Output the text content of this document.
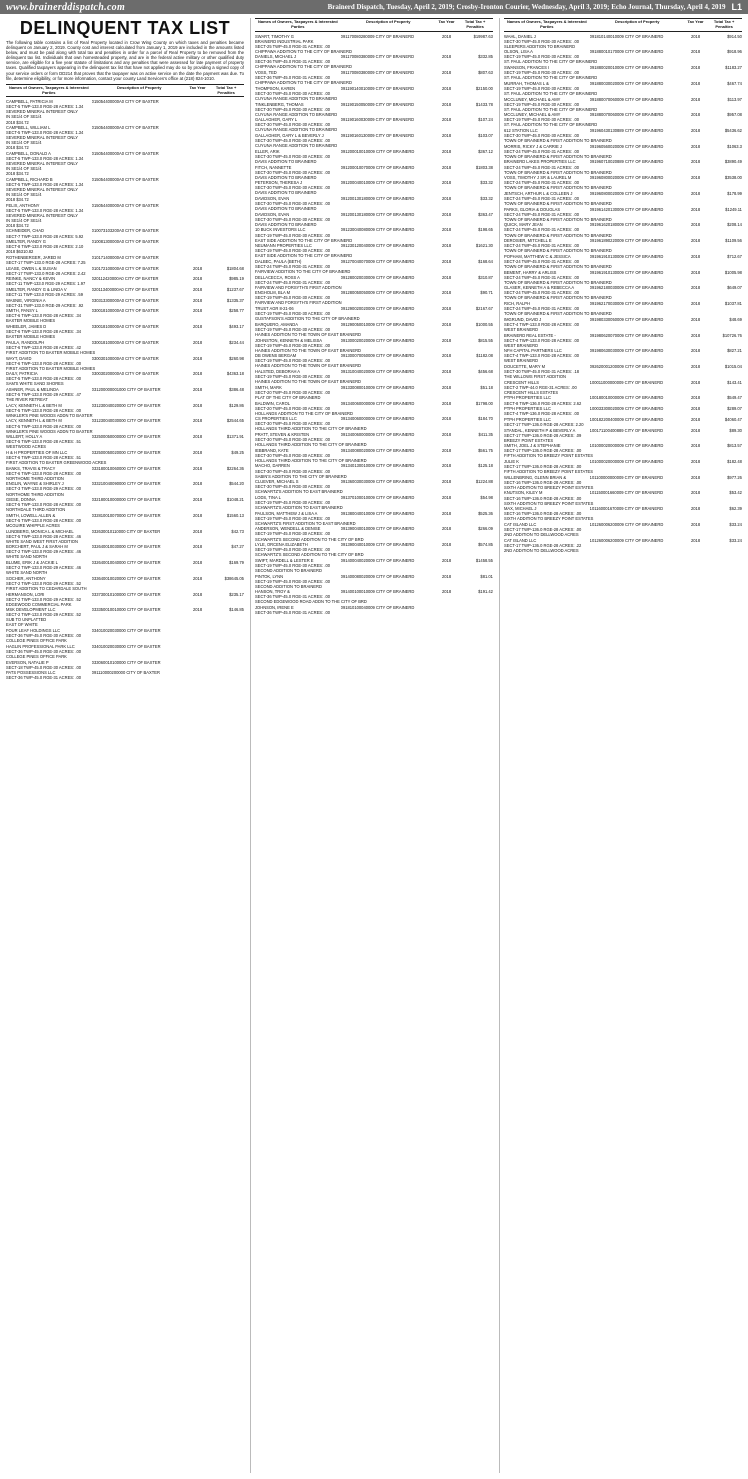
www.brainerddispatch.com	Brainerd Dispatch, Tuesday, April 2, 2019; Crosby-Ironton Courier, Wednesday, April 3, 2019; Echo Journal, Thursday, April 4, 2019 L1
DELINQUENT TAX LIST
The following table contains a list of Real Property located in Crow Wing County on which taxes and penalties became delinquent on January 2, 2019. County cost and interest calculated from January 1, 2019 are included in the amounts listed below, and must be paid along with total tax and penalties in order for a parcel of Real Property to be removed from the delinquent tax list. Individuals that own homesteaded property, and are in the federal active military or other qualified duty service, are eligible for a five year statute of limitations and any penalties that were assessed for late payment of property taxes. Qualified taxpayers appearing in the delinquent tax list that have not applied may do so by providing a signed copy of your service orders or form DD214 that proves that the taxpayer was on active service on the date the payment was due. To file, determine eligibility, or for more information, contact your county Land Services's office at (218) 824-1010.
Names of Owners, Taxpayers & Interested Parties
Description of Property	Tax Year	Total Tax + Penalties
CAMPBELL, PATRICIA M	015054400000A0 CITY OF BAXTER
SECT-5 TWP-133.0 RGE-28 ACRES: 1.34
SEVERED MINERAL INTEREST ONLY
IN SE1/4 OF SE1/4
2018 $34.72
CAMPBELL, WILLIAM L	015054400000A0 CITY OF BAXTER
SECT-5 TWP-133.0 RGE-28 ACRES: 1.34
SEVERED MINERAL INTEREST ONLY
IN SE1/4 OF SE1/4
2018 $34.72
CAMPBELL, DONALD A	015054400000A0 CITY OF BAXTER
SECT-5 TWP-133.0 RGE-28 ACRES: 1.34
SEVERED MINERAL INTEREST ONLY
IN SE1/4 OF SE1/4
2018 $34.72
CAMPBELL, RICHARD B	015054400000A0 CITY OF BAXTER
SECT-5 TWP-133.0 RGE-28 ACRES: 1.34
SEVERED MINERAL INTEREST ONLY
IN SE1/4 OF SE1/4
2018 $34.72
FELIX, ANTHONY	015054400000A0 CITY OF BAXTER
SECT-5 TWP-133.0 RGE-28 ACRES: 1.34
SEVERED MINERAL INTEREST ONLY
IN SE1/4 OF SE1/4
2018 $34.72
SCHNEIDER, CHAD	010073103200A0 CITY OF BAXTER
SECT-7 TWP-133.0 RGE-28 ACRES: 5.92
SMELTER, RANDY G	010081300000A0 CITY OF BAXTER
SECT-8 TWP-133.0 RGE-28 ACRES: 2.10
2018 $6310.82
ROTHENBERGER, JARED M	010171400000A0 CITY OF BAXTER
SECT-17 TWP-133.0 RGE-28 ACRES: 7.25
LEASE, OWEN L & SUSAN	010172100000A0 CITY OF BAXTER	2018	$1804.68
SECT-17 TWP-133.0 RGE-28 ACRES: 2.42
REINKE, NANCY & KEVIN	020112420000A0 CITY OF BAXTER	2018	$985.19
SECT-11 TWP-133.0 RGE-29 ACRES: 1.97
SMELTER, RANDY G & LINDA V	020113400000A0 CITY OF BAXTER	2018	$1237.67
SECT-11 TWP-133.0 RGE-29 ACRES: .59
WASNIE, VIRGINIA A	030313300000A0 CITY OF BAXTER	2018	$1335.37
SECT-31 TWP-133.0 RGE-29 ACRES: .92
SMITH, PANSY L	030018100000A0 CITY OF BAXTER	2018	$258.77
SECT-6 TWP-133.0 RGE-28 ACRES: .34
BAXTER MOBILE HOMES
WHEELER, JAMES D	030018100000A0 CITY OF BAXTER	2018	$493.17
SECT-6 TWP-133.0 RGE-28 ACRES: .34
BAXTER MOBILE HOMES
PAULA, RANDOLPH	030018100000A0 CITY OF BAXTER	2018	$234.44
SECT-6 TWP-133.0 RGE-28 ACRES: .42
FIRST ADDITION TO BAXTER MOBILE HOMES
WAYT, DAVID	030030100000A0 CITY OF BAXTER	2018	$260.98
SECT-6 TWP-133.0 RGE-28 ACRES: .00
FIRST ADDITION TO BAXTER MOBILE HOMES
DAILY, PATRICIA	030030200000A0 CITY OF BAXTER	2018	$4363.18
SECT-5 TWP-133.0 RGE-28 ACRES: .00
SAM'S WHITE SAND SHORES
ASHNER, PAUL & MELINDA	031200000001000 CITY OF BAXTER	2018	$386.48
SECT-5 TWP-133.0 RGE-29 ACRES: .47
THE RIVER RETREAT
LACY, KENNETH L & BETH M	031230040020000 CITY OF BAXTER	2018	$129.86
SECT-5 TWP-133.0 RGE-28 ACRES: .00
WINKLER'S PINE WOODS ADDN TO BAXTER
LACY, KENNETH L & BETH M	031230040030000 CITY OF BAXTER	2018	$2544.65
SECT-5 TWP-133.0 RGE-28 ACRES: .00
WINKLER'S PINE WOODS ADDN TO BAXTER
WILLERT, HOLLY A	032500050000000 CITY OF BAXTER	2018	$1371.91
SECT-5 TWP-133.0 RGE-28 ACRES: .51
WESTWOOD ACRES
H & H PROPERTIES OF MN LLC	032500050020000 CITY OF BAXTER	2018	$49.25
SECT-6 TWP-133.0 RGE-28 ACRES: .51
FIRST ADDITION TO BAXTER GREENWOOD ACRES
BANKS, TRAVIS & TRACY	033180010060000 CITY OF BAXTER	2018	$2264.36
SECT-6 TWP-133.0 RGE-28 ACRES: .00
NORTHOME THIRD ADDITION
ENGLIN, WAYNE & SHIRLEY J	033210040090000 CITY OF BAXTER	2018	$544.20
SECT-3 TWP-133.0 RGE-29 ACRES: .00
NORTHOME THIRD ADDITION
GIESE, DONNA	032180010000000 CITY OF BAXTER	2018	$1048.21
SECT-5 TWP-133.0 RGE-28 ACRES: .00
NORTHDALE THIRD ADDITION
SMITH, LOWELL ALLEN &	032810010070000 CITY OF BAXTER	2018	$1560.13
SECT-5 TWP-133.0 RGE-28 ACRES: .00
MCGUIRE WHIPPLE ACRES
LUNDBERG, MONICA L & MICHAEL	032630010110000 CITY OF BAXTER	2018	$42.73
SECT-5 TWP-133.0 RGE-28 ACRES: .46
WHITE SAND WEST FIRST ADDITION
BORCHERT, PAUL J & SARAH M	032640010030000 CITY OF BAXTER	2018	$47.27
SECT-2 TWP-133.0 RGE-29 ACRES: .46
WHITE SAND NORTH
BLUME, ERIK J & JACKIE L	032640010040000 CITY OF BAXTER	2018	$169.79
SECT-2 TWP-133.0 RGE-29 ACRES: .46
WHITE SAND NORTH
SOCHER, ANTHONY	033640010020000 CITY OF BAXTER	2018	$38645.05
SECT-2 TWP-133.0 RGE-29 ACRES: .52
FIRST ADDITION TO CEDARDALE SOUTH
HERMANSON, LORI	033730010100000 CITY OF BAXTER	2018	$235.17
SECT-2 TWP-133.0 RGE-29 ACRES: .52
EDGEWOOD COMMERCIAL PARK
MSK DEVELOPMENT LLC	033350010010000 CITY OF BAXTER	2018	$146.85
SECT-2 TWP-133.0 RGE-29 ACRES: .52
SUB TO UNPLATTED
EAST OF WHITE
FOUR LEAF HOLDINGS LLC	034010020030000 CITY OF BAXTER
SECT-36 TWP-45.0 RGE-30 ACRES: .00
COLLEGE PINES OFFICE PARK
HAGLIN PROFESSIONAL PARK LLC	034010020030000 CITY OF BAXTER
SECT-36 TWP-45.0 RGE-30 ACRES: .00
COLLEGE PINES OFFICE PARK
EVERSON, NATALIE P	033060010100000 CITY OF BAXTER
SECT-18 TWP-45.0 RGE-30 ACRES: .00
PATS POSSESSIONS LLC	091110000200000 CITY OF BAXTER
SECT-36 TWP-45.0 RGE-31 ACRES: .00
Names of Owners, Taxpayers & Interested Parties
Description of Property	Tax Year	Total Tax + Penalties
SWART, TIMOTHY G	091170080280009 CITY OF BRAINERD	2018	$19987.63
BRAINERD INDUSTRIAL PARK
SECT-25 TWP-45.0 RGE-31 ACRES: .00
CHIPPAWA ADDITION TO THE CITY OF BRAINERD
DANIELS, MICHAEL J	091170080380009 CITY OF BRAINERD	2018	$332.85
SECT-36 TWP-45.0 RGE-31 ACRES: .00
CHIPPAWA ADDITION TO THE CITY OF BRAINERD
VOSS, TED	091170080380009 CITY OF BRAINERD	2018	$807.63
SECT-36 TWP-45.0 RGE-31 ACRES: .00
CHIPPAWA ADDITION TO THE CITY OF BRAINERD
THOMPSON, KAREN	091190140010009 CITY OF BRAINERD	2018	$2150.00
SECT-30 TWP-45.0 RGE-30 ACRES: .00
CUYUNA RANGE ADDITION TO BRAINERD
TINKLENBERG, THOMAS	091190150050009 CITY OF BRAINERD	2018	$1433.78
SECT-30 TWP-45.0 RGE-30 ACRES: .00
CUYUNA RANGE ADDITION TO BRAINERD
GALLAGHER, GARY L	091190160030009 CITY OF BRAINERD	2018	$107.24
SECT-30 TWP-45.0 RGE-30 ACRES: .00
CUYUNA RANGE ADDITION TO BRAINERD
GALLAGHER, GARY L & BEVERLY J	091190160130009 CITY OF BRAINERD	2018	$103.07
SECT-30 TWP-45.0 RGE-30 ACRES: .00
CUYUNA RANGE ADDITION TO BRAINERD
ELLER, ARIK	091200010010009 CITY OF BRAINERD	2018	$367.12
SECT-30 TWP-45.0 RGE-30 ACRES: .00
DAVIS ADDITION TO BRAINERD
FITCH, NANNETTE	091200010070009 CITY OF BRAINERD	2018	$1803.38
SECT-30 TWP-45.0 RGE-30 ACRES: .00
DAVIS ADDITION TO BRAINERD
PETERSON, THERESA J	091200040010009 CITY OF BRAINERD	2018	$33.32
SECT-30 TWP-45.0 RGE-30 ACRES: .00
DAVIS ADDITION TO BRAINERD
DAVIDSON, EVAN	091200130180009 CITY OF BRAINERD	2018	$33.32
SECT-30 TWP-45.0 RGE-30 ACRES: .00
DAVIS ADDITION TO BRAINERD
DAVIDSON, EVAN	091200130180009 CITY OF BRAINERD	2018	$363.47
SECT-30 TWP-45.0 RGE-30 ACRES: .00
DAVIS ADDITION TO BRAINERD
10 BUCK INVESTORS LLC	091230040080009 CITY OF BRAINERD	2018	$198.65
SECT-19 TWP-45.0 RGE-30 ACRES: .00
EAST SIDE ADDITION TO THE CITY OF BRAINERD
NEUMANN PROPERTIES LLC	091230120040009 CITY OF BRAINERD	2018	$1621.30
SECT-19 TWP-45.0 RGE-30 ACRES: .00
EAST SIDE ADDITION TO THE CITY OF BRAINERD
DALBEC, PAULA (BETH)	091270040070009 CITY OF BRAINERD	2018	$168.64
SECT-24 TWP-45.0 RGE-31 ACRES: .00
FAIRVIEW ADDITION TO THE CITY OF BRAINERD
DELLACECCA, ROSS A	091280020030009 CITY OF BRAINERD	2018	$310.87
SECT-24 TWP-45.0 RGE-31 ACRES: .00
FAIRVIEW AND FORSYTH'S FIRST ADDITION
ENGHOLM, BLA M	091280050050009 CITY OF BRAINERD	2018	$90.71
SECT-19 TWP-45.0 RGE-30 ACRES: .00
FAIRVIEW AND FORSYTH'S FIRST ADDITION
TRUST AGR 8-21-06	091290020020009 CITY OF BRAINERD	2018	$2167.67
SECT-19 TWP-45.0 RGE-30 ACRES: .00
GUSTAFSON'S ADDITION TO THE CITY OF BRAINERD
BARQUERO, AMANDA	091290050010009 CITY OF BRAINERD	2018	$1000.55
SECT-19 TWP-45.0 RGE-30 ACRES: .00
HAINES ADDITION TO THE TOWN OF EAST BRAINERD
JOHNSTON, KENNETH & MELISSA	091300020020009 CITY OF BRAINERD	2018	$815.55
SECT-19 TWP-45.0 RGE-30 ACRES: .00
HAINES ADDITION TO THE TOWN OF EAST BRAINERD
DB OWENS BERGAM	091300070050009 CITY OF BRAINERD	2018	$1182.08
SECT-19 TWP-45.0 RGE-30 ACRES: .00
HAINES ADDITION TO THE TOWN OF EAST BRAINERD
HALSTED, DEBORAH A	091310040020009 CITY OF BRAINERD	2018	$456.68
SECT-19 TWP-45.0 RGE-30 ACRES: .00
HAINES ADDITION TO THE TOWN OF EAST BRAINERD
SMITH, MARK	091330080010009 CITY OF BRAINERD	2018	$51.18
SECT-20 TWP-45.0 RGE-30 ACRES: .00
PLAT OF THE CITY OF BRAINERD
BALDWIN, CAROL	091340060000009 CITY OF BRAINERD	2018	$1798.00
SECT-20 TWP-45.0 RGE-30 ACRES: .00
HOLLANDS ADDITION TO THE CITY OF BRAINERD
CS PROPERTIES LLC	091340060000009 CITY OF BRAINERD	2018	$184.70
SECT-30 TWP-45.0 RGE-30 ACRES: .00
HOLLANDS THIRD ADDITION TO THE CITY OF BRAINERD
PRATT, STEVEN & KRISTEN	091340060000009 CITY OF BRAINERD	2018	$411.35
SECT-30 TWP-45.0 RGE-30 ACRES: .00
HOLLANDS THIRD ADDITION TO THE CITY OF BRAINERD
IEBBRAND, KATE	091340080020009 CITY OF BRAINERD	2018	$561.75
SECT-30 TWP-45.0 RGE-30 ACRES: .00
HOLLANDS THIRD ADDITION TO THE CITY OF BRAINERD
MACHO, DARREN	091340130010009 CITY OF BRAINERD	2018	$125.18
SECT-30 TWP-45.0 RGE-30 ACRES: .00
SABIN'S ADDITION TO THE CITY OF BRAINERD
CLUEVER, MICHAEL S	091360030030009 CITY OF BRAINERD	2018	$1224.88
SECT-30 TWP-45.0 RGE-30 ACRES: .00
SCHWARTZ'S ADDITION TO EAST BRAINERD
LODS, TINA L	091370100010009 CITY OF BRAINERD	2018	$54.98
SECT-19 TWP-45.0 RGE-30 ACRES: .00
SCHWARTZ'S ADDITION TO EAST BRAINERD
PAULSON, MATTHEW J & LISA A	091380040010009 CITY OF BRAINERD	2018	$525.36
SECT-19 TWP-45.0 RGE-30 ACRES: .00
SCHWARTZ'S FIRST ADDITION TO EAST BRAINERD
ANDERSON, WENDELL & DENISE	091390040010009 CITY OF BRAINERD	2018	$266.09
SECT-19 TWP-45.0 RGE-30 ACRES: .00
SCHWARTZ'S SECOND ADDITION TO THE CITY OF BRD
LYLE, ORCENA ELIZABETH	091390040010009 CITY OF BRAINERD	2018	$574.85
SECT-19 TWP-45.0 RGE-30 ACRES: .00
SCHWARTZ'S SECOND ADDITION TO THE CITY OF BRD
SWIFT, MARDELL & LESTER E	091400040020009 CITY OF BRAINERD	2018	$1458.55
SECT-19 TWP-45.0 RGE-30 ACRES: .00
SECOND ADDITION TO BRAINERD
PINTOK, LYNN	091400080020009 CITY OF BRAINERD	2018	$81.01
SECT-19 TWP-45.0 RGE-30 ACRES: .00
SECOND ADDITION TO BRAINERD
HANSON, TROY &	091400100010009 CITY OF BRAINERD	2018	$191.42
SECT-36 TWP-45.0 RGE-31 ACRES: .00
SECOND EDGEWOOD ROAD ADDN TO THE CITY OF BRD
JOHNSON, IRENE E	091810100040009 CITY OF BRAINERD
SECT-36 TWP-45.0 RGE-31 ACRES: .00
Names of Owners, Taxpayers & Interested Parties
Description of Property	Tax Year	Total Tax + Penalties
WAHL, DANIEL J	091810140010009 CITY OF BRAINERD	2018	$914.50
SECT-30 TWP-45.0 RGE-30 ACRES: .00
SLEEPERS ADDITION TO BRAINERD
OLSON, LISA A	091880010170009 CITY OF BRAINERD	2018	$918.96
SECT-19 TWP-45.0 RGE-30 ACRES: .00
ST. PAUL ADDITION TO THE CITY OF BRAINERD
SWANSON, FRANCES I	091880020010009 CITY OF BRAINERD	2018	$1183.27
SECT-19 TWP-45.0 RGE-30 ACRES: .00
ST. PAUL ADDITION TO THE CITY OF BRAINERD
MURRAH, THOMAS L &	091880030020009 CITY OF BRAINERD	2018	$467.74
SECT-19 TWP-45.0 RGE-30 ACRES: .00
ST. PAUL ADDITION TO THE CITY OF BRAINERD
MCCLUNEY, MICHAEL & AMY	091880070060009 CITY OF BRAINERD	2018	$113.97
SECT-19 TWP-45.0 RGE-30 ACRES: .00
ST. PAUL ADDITION TO THE CITY OF BRAINERD
MCCLUNEY, MICHAEL & AMY	091880070060009 CITY OF BRAINERD	2018	$957.08
SECT-19 TWP-45.0 RGE-30 ACRES: .00
ST. PAUL ADDITION TO THE CITY OF BRAINERD
612 STATION LLC	091960430130889 CITY OF BRAINERD	2018	$5436.62
SECT-30 TWP-45.0 RGE-30 ACRES: .00
TOWN OF BRAINERD & FIRST ADDITION TO BRAINERD
MORRIS, RICKY J & CARRIE J	091960560020009 CITY OF BRAINERD	2018	$1063.3
SECT-24 TWP-45.0 RGE-31 ACRES: .00
TOWN OF BRAINERD & FIRST ADDITION TO BRAINERD
BRAINERD LAKES PROPERTIES LLC	091960710020889 CITY OF BRAINERD	2018	$3890.49
SECT-24 TWP-45.0 RGE-31 ACRES: .00
TOWN OF BRAINERD & FIRST ADDITION TO BRAINERD
VOSS, TIMOTHY J SR & LAUREL M	091960800020009 CITY OF BRAINERD	2018	$3538.00
SECT-24 TWP-45.0 RGE-31 ACRES: .00
TOWN OF BRAINERD & FIRST ADDITION TO BRAINERD
JENTSCH, ARTHUR L & COLLEEN J	091960800020009 CITY OF BRAINERD	2018	$178.99
SECT-24 TWP-45.0 RGE-31 ACRES: .00
TOWN OF BRAINERD & FIRST ADDITION TO BRAINERD
PARKS, GLORIA & DOUGLAS	091961420130009 CITY OF BRAINERD	2018	$1249.11
SECT-24 TWP-45.0 RGE-31 ACRES: .00
TOWN OF BRAINERD & FIRST ADDITION TO BRAINERD
QUICK, MARY JEAN	091961620180009 CITY OF BRAINERD	2018	$208.14
SECT-24 TWP-45.0 RGE-31 ACRES: .00
TOWN OF BRAINERD & FIRST ADDITION TO BRAINERD
DEROSIER, MITCHELL E	091961890220009 CITY OF BRAINERD	2018	$1109.56
SECT-24 TWP-45.0 RGE-31 ACRES: .00
TOWN OF BRAINERD & FIRST ADDITION TO BRAINERD
POPHAM, MATTHEW C & JESSICA	091961910130009 CITY OF BRAINERD	2018	$712.67
SECT-24 TWP-45.0 RGE-31 ACRES: .00
TOWN OF BRAINERD & FIRST ADDITION TO BRAINERD
BEMENT, HARRY & ARLISS	091961910130009 CITY OF BRAINERD	2018	$1005.98
SECT-24 TWP-45.0 RGE-31 ACRES: .00
TOWN OF BRAINERD & FIRST ADDITION TO BRAINERD
GLASER, KENNETH A & REBECCA A	091962180030009 CITY OF BRAINERD	2018	$649.07
SECT-24 TWP-45.0 RGE-31 ACRES: .00
TOWN OF BRAINERD & FIRST ADDITION TO BRAINERD
RICH, RALPH	091962170030009 CITY OF BRAINERD	2018	$1037.81
SECT-24 TWP-45.0 RGE-31 ACRES: .00
TOWN OF BRAINERD & FIRST ADDITION TO BRAINERD
IMGRUND, DAVID J	091980330050009 CITY OF BRAINERD	2018	$48.69
SECT-4 TWP-133.0 RGE-28 ACRES: .00
WEST BRAINERD
BRAINERD REAL ESTATE -	091980620070009 CITY OF BRAINERD	2018	$10726.76
SECT-4 TWP-133.0 RGE-28 ACRES: .00
WEST BRAINERD
NFH CAPITAL PARTNERS LLC	091980630030009 CITY OF BRAINERD	2018	$827.21
SECT-4 TWP-133.0 RGE-28 ACRES: .00
WEST BRAINERD
DOUCETTE, MARY M	092620001200009 CITY OF BRAINERD	2018	$1015.04
SECT-30 TWP-45.0 RGE-31 ACRES: .18
THE WILLOWS FIRST ADDITION
CRESCENT HILLS	100011000000009 CITY OF BRAINERD	2018	$143.41
SECT-2 TWP-44.0 RGE-31 ACRES: .00
CRESCENT HILLS ESTATES
PTPH PROPERTIES LLC	100180010000009 CITY OF BRAINERD	2018	$549.47
SECT-8 TWP-136.0 RGE-28 ACRES: 2.62
PTPH PROPERTIES LLC	100033300020009 CITY OF BRAINERD	2018	$289.07
SECT-4 TWP-136.0 RGE-28 ACRES: .00
PTPH PROPERTIES LLC	100182200400009 CITY OF BRAINERD	2018	$4060.47
SECT-17 TWP-136.0 RGE-28 ACRES: 2.20
STANDAL, KENNETH P & BEVERLY A	100171100400889 CITY OF BRAINERD	2018	$89.30
SECT-17 TWP-136.0 RGE-28 ACRES: .09
BREEZY POINT ESTATES
SMITH, JOEL J & STEPHANIE	101000020000009 CITY OF BRAINERD	2018	$813.57
SECT-17 TWP-136.0 RGE-28 ACRES: .00
FIFTH ADDITION TO BREEZY POINT ESTATES
JULIE K	101000020000009 CITY OF BRAINERD	2018	$182.48
SECT-17 TWP-136.0 RGE-28 ACRES: .00
FIFTH ADDITION TO BREEZY POINT ESTATES
WILLENBRING, GLENN BRIAN &	101100000000009 CITY OF BRAINERD	2018	$977.26
SECT-16 TWP-136.0 RGE-28 ACRES: .00
SIXTH ADDITION TO BREEZY POINT ESTATES
KNUTSON, KILEY M	101150001660009 CITY OF BRAINERD	2018	$53.42
SECT-16 TWP-136.0 RGE-28 ACRES: .00
SIXTH ADDITION TO BREEZY POINT ESTATES
MAX, MICHAEL J	101160001670009 CITY OF BRAINERD	2018	$62.39
SECT-16 TWP-136.0 RGE-28 ACRES: .00
SIXTH ADDITION TO BREEZY POINT ESTATES
CAT ISLAND LLC	101260006200009 CITY OF BRAINERD	2018	$33.24
SECT-17 TWP-136.0 RGE-28 ACRES: .00
2ND ADDITION TO DELLWOOD ACRES
CAT ISLAND LLC	101260006200009 CITY OF BRAINERD	2018	$33.24
SECT-17 TWP-136.0 RGE-28 ACRES: .22
2ND ADDITION TO DELLWOOD ACRES
